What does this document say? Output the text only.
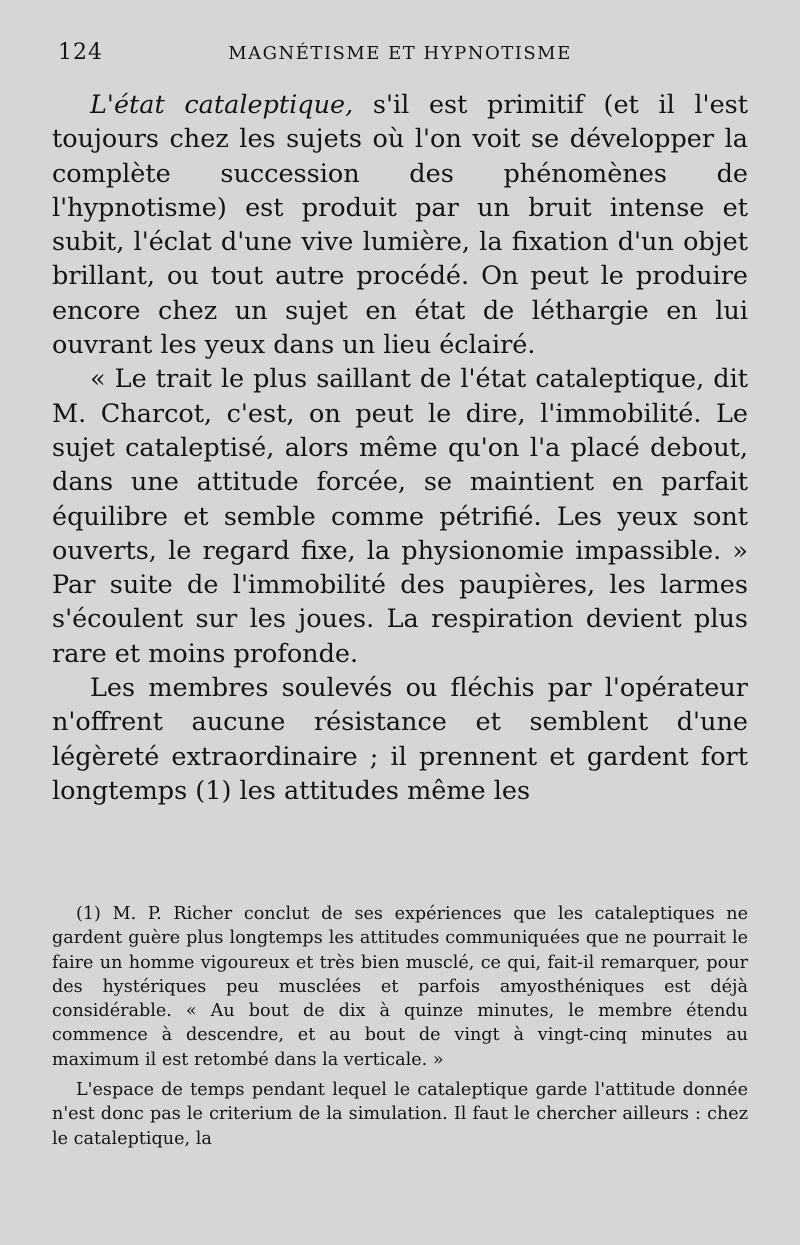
124	MAGNÉTISME ET HYPNOTISME

L'état cataleptique, s'il est primitif (et il l'est toujours chez les sujets où l'on voit se développer la complète succession des phénomènes de l'hypnotisme) est produit par un bruit intense et subit, l'éclat d'une vive lumière, la fixation d'un objet brillant, ou tout autre procédé. On peut le produire encore chez un sujet en état de léthargie en lui ouvrant les yeux dans un lieu éclairé.

« Le trait le plus saillant de l'état cataleptique, dit M. Charcot, c'est, on peut le dire, l'immobilité. Le sujet cataleptisé, alors même qu'on l'a placé debout, dans une attitude forcée, se maintient en parfait équilibre et semble comme pétrifié. Les yeux sont ouverts, le regard fixe, la physionomie impassible. » Par suite de l'immobilité des paupières, les larmes s'écoulent sur les joues. La respiration devient plus rare et moins profonde.

Les membres soulevés ou fléchis par l'opérateur n'offrent aucune résistance et semblent d'une légèreté extraordinaire ; il prennent et gardent fort longtemps (1) les attitudes même les

(1) M. P. Richer conclut de ses expériences que les cataleptiques ne gardent guère plus longtemps les attitudes communiquées que ne pourrait le faire un homme vigoureux et très bien musclé, ce qui, fait-il remarquer, pour des hystériques peu musclées et parfois amyosthéniques est déjà considérable. « Au bout de dix à quinze minutes, le membre étendu commence à descendre, et au bout de vingt à vingt-cinq minutes au maximum il est retombé dans la verticale. »

L'espace de temps pendant lequel le cataleptique garde l'attitude donnée n'est donc pas le criterium de la simulation. Il faut le chercher ailleurs : chez le cataleptique, la
